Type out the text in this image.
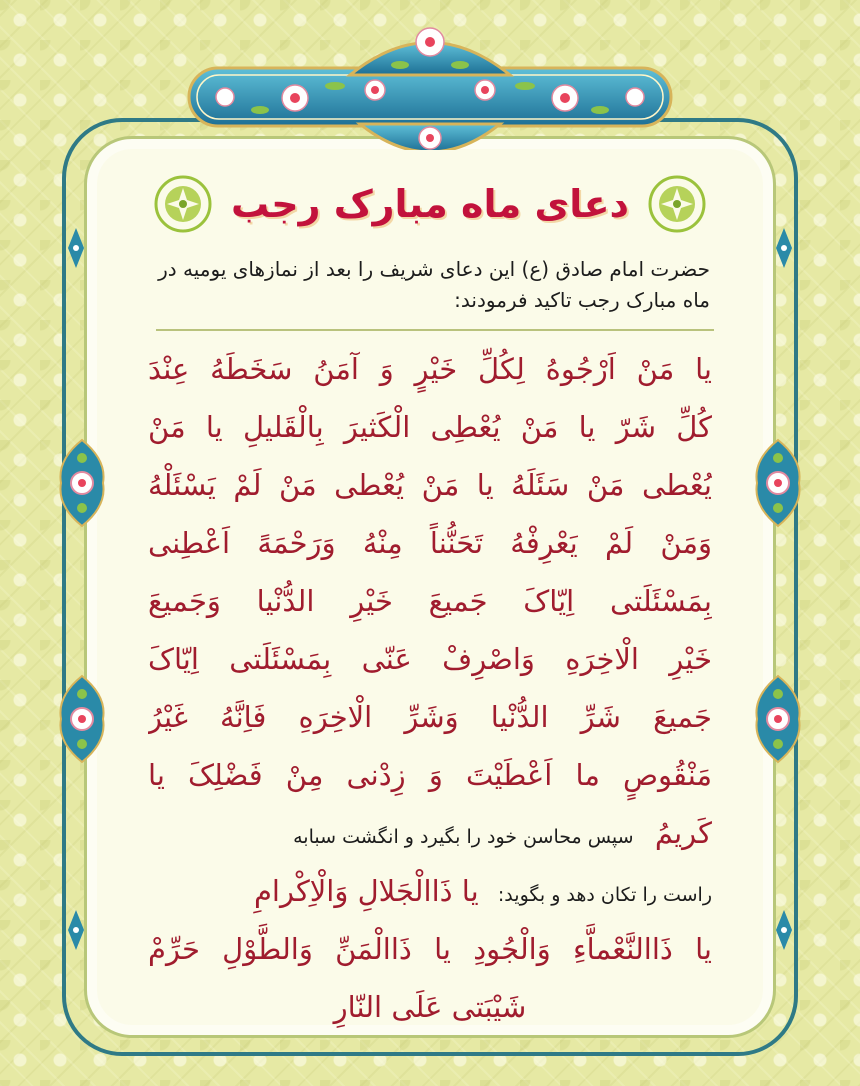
دعای ماه مبارک رجب
حضرت امام صادق (ع) این دعای شریف را بعد از نمازهای یومیه در ماه مبارک رجب تاکید فرمودند:
یا مَنْ اَرْجُوهُ لِکُلِّ خَیْرٍ وَ آمَنُ سَخَطَهُ عِنْدَ
کُلِّ شَرّ یا مَنْ یُعْطِی الْکَثیرَ بِالْقَلیلِ یا مَنْ
یُعْطی مَنْ سَئَلَهُ یا مَنْ یُعْطی مَنْ لَمْ یَسْئَلْهُ
وَمَنْ لَمْ یَعْرِفْهُ تَحَنُّناً مِنْهُ وَرَحْمَهً اَعْطِنی
بِمَسْئَلَتی اِیّاکَ جَمیعَ خَیْرِ الدُّنْیا وَجَمیعَ
خَیْرِ الْاخِرَهِ وَاصْرِفْ عَنّی بِمَسْئَلَتی اِیّاکَ
جَمیعَ شَرِّ الدُّنْیا وَشَرِّ الْاخِرَهِ فَاِنَّهُ غَیْرُ
مَنْقُوصٍ ما اَعْطَیْتَ وَ زِدْنی مِنْ فَضْلِکَ یا
کَریمُ سپس محاسن خود را بگیرد و انگشت سبابه
راست را تکان دهد و بگوید: یا ذَاالْجَلالِ وَالْاِکْرامِ
یا ذَاالنَّعْماَّءِ وَالْجُودِ یا ذَاالْمَنِّ وَالطَّوْلِ حَرِّمْ
شَیْبَتی عَلَی النّارِ
